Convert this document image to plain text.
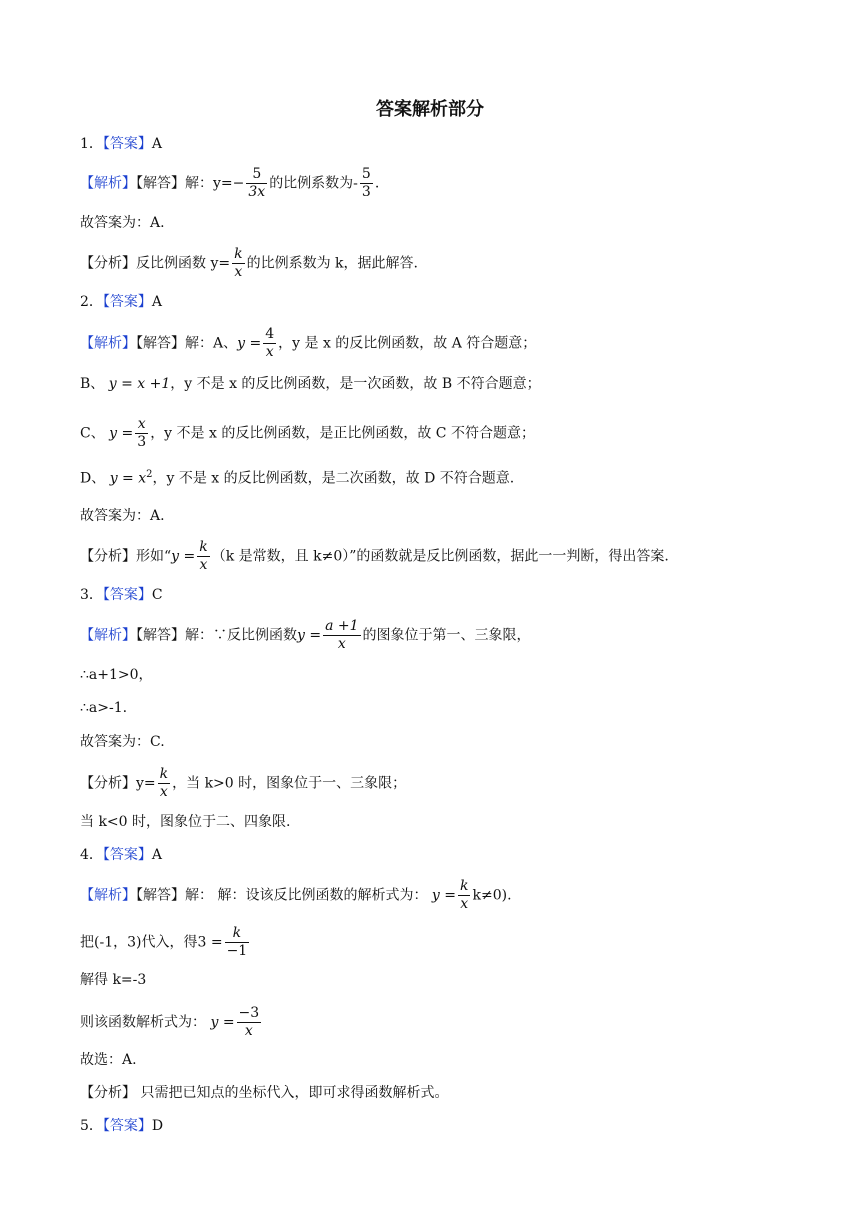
答案解析部分
1．【答案】A
【解析】【解答】解：$y=- \frac{5}{3x}$ 的比例系数为- $\frac{5}{3}$ .
故答案为：A.
【分析】反比例函数 $y= \frac{k}{x}$ 的比例系数为 k，据此解答.
2．【答案】A
【解析】【解答】解：A、$y = \frac{4}{x}$ ，y 是 x 的反比例函数，故 A 符合题意；
B、 y = x +1，y 不是 x 的反比例函数，是一次函数，故 B 不符合题意；
C、 $y = \frac{x}{3}$ ，y 不是 x 的反比例函数，是正比例函数，故 C 不符合题意；
D、 $y = x^2$，y 不是 x 的反比例函数，是二次函数，故 D 不符合题意.
故答案为：A.
【分析】形如“$y = \frac{k}{x} (k$ 是常数，且 k≠0）”的函数就是反比例函数，据此一一判断，得出答案.
3．【答案】C
【解析】【解答】解：∵反比例函数$y = \frac{a +1}{x}$ 的图象位于第一、三象限，
∴a+1>0，
∴a>-1.
故答案为：C.
【分析】$y= \frac{k}{x}$ ，当 k>0 时，图象位于一、三象限；
当 k<0 时，图象位于二、四象限.
4．【答案】A
【解析】【解答】解： 解：设该反比例函数的解析式为： $y = \frac{k}{x} k\ne 0$).
把(-1，3)代入，得$3 = \frac{k}{-1}$
解得 k=-3
则该函数解析式为： $y = \frac{-3}{x}$
故选：A.
【分析】 只需把已知点的坐标代入，即可求得函数解析式。
5．【答案】D
